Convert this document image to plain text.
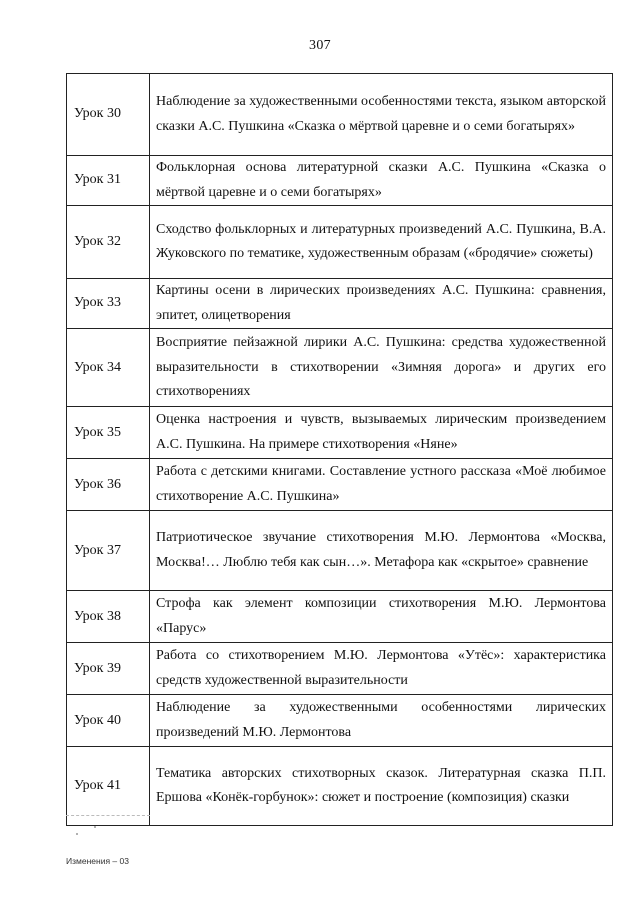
307
Урок 30	Наблюдение за художественными особенностями текста, языком авторской сказки А.С. Пушкина «Сказка о мёртвой царевне и о семи богатырях»
Урок 31	Фольклорная основа литературной сказки А.С. Пушкина «Сказка о мёртвой царевне и о семи богатырях»
Урок 32	Сходство фольклорных и литературных произведений А.С. Пушкина, В.А. Жуковского по тематике, художественным образам («бродячие» сюжеты)
Урок 33	Картины осени в лирических произведениях А.С. Пушкина: сравнения, эпитет, олицетворения
Урок 34	Восприятие пейзажной лирики А.С. Пушкина: средства художественной выразительности в стихотворении «Зимняя дорога» и других его стихотворениях
Урок 35	Оценка настроения и чувств, вызываемых лирическим произведением А.С. Пушкина. На примере стихотворения «Няне»
Урок 36	Работа с детскими книгами. Составление устного рассказа «Моё любимое стихотворение А.С. Пушкина»
Урок 37	Патриотическое звучание стихотворения М.Ю. Лермонтова «Москва, Москва!… Люблю тебя как сын…». Метафора как «скрытое» сравнение
Урок 38	Строфа как элемент композиции стихотворения М.Ю. Лермонтова «Парус»
Урок 39	Работа со стихотворением М.Ю. Лермонтова «Утёс»: характеристика средств художественной выразительности
Урок 40	Наблюдение за художественными особенностями лирических произведений М.Ю. Лермонтова
Урок 41	Тематика авторских стихотворных сказок. Литературная сказка П.П. Ершова «Конёк-горбунок»: сюжет и построение (композиция) сказки
Изменения – 03
